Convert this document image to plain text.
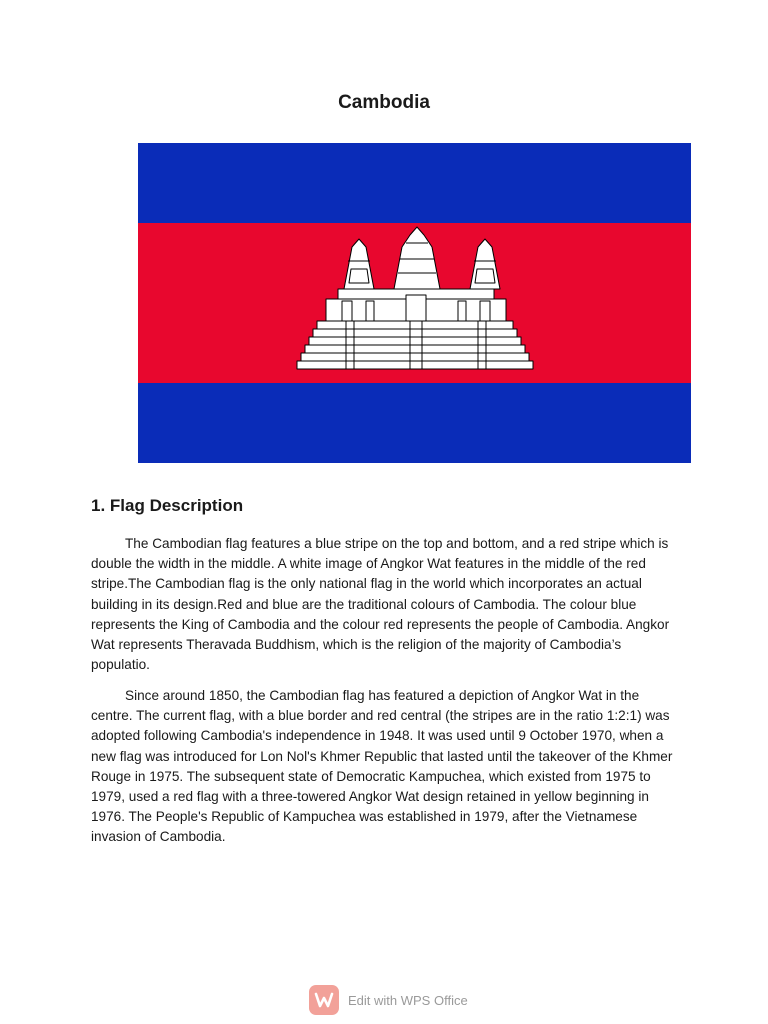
Cambodia
1. Flag Description

The Cambodian flag features a blue stripe on the top and bottom, and a red stripe which is double the width in the middle. A white image of Angkor Wat features in the middle of the red stripe.The Cambodian flag is the only national flag in the world which incorporates an actual building in its design.Red and blue are the traditional colours of Cambodia. The colour blue represents the King of Cambodia and the colour red represents the people of Cambodia. Angkor Wat represents Theravada Buddhism, which is the religion of the majority of Cambodia’s populatio.

Since around 1850, the Cambodian flag has featured a depiction of Angkor Wat in the centre. The current flag, with a blue border and red central (the stripes are in the ratio 1:2:1) was adopted following Cambodia's independence in 1948. It was used until 9 October 1970, when a new flag was introduced for Lon Nol's Khmer Republic that lasted until the takeover of the Khmer Rouge in 1975. The subsequent state of Democratic Kampuchea, which existed from 1975 to 1979, used a red flag with a three-towered Angkor Wat design retained in yellow beginning in 1976. The People's Republic of Kampuchea was established in 1979, after the Vietnamese invasion of Cambodia.

Edit with WPS Office
